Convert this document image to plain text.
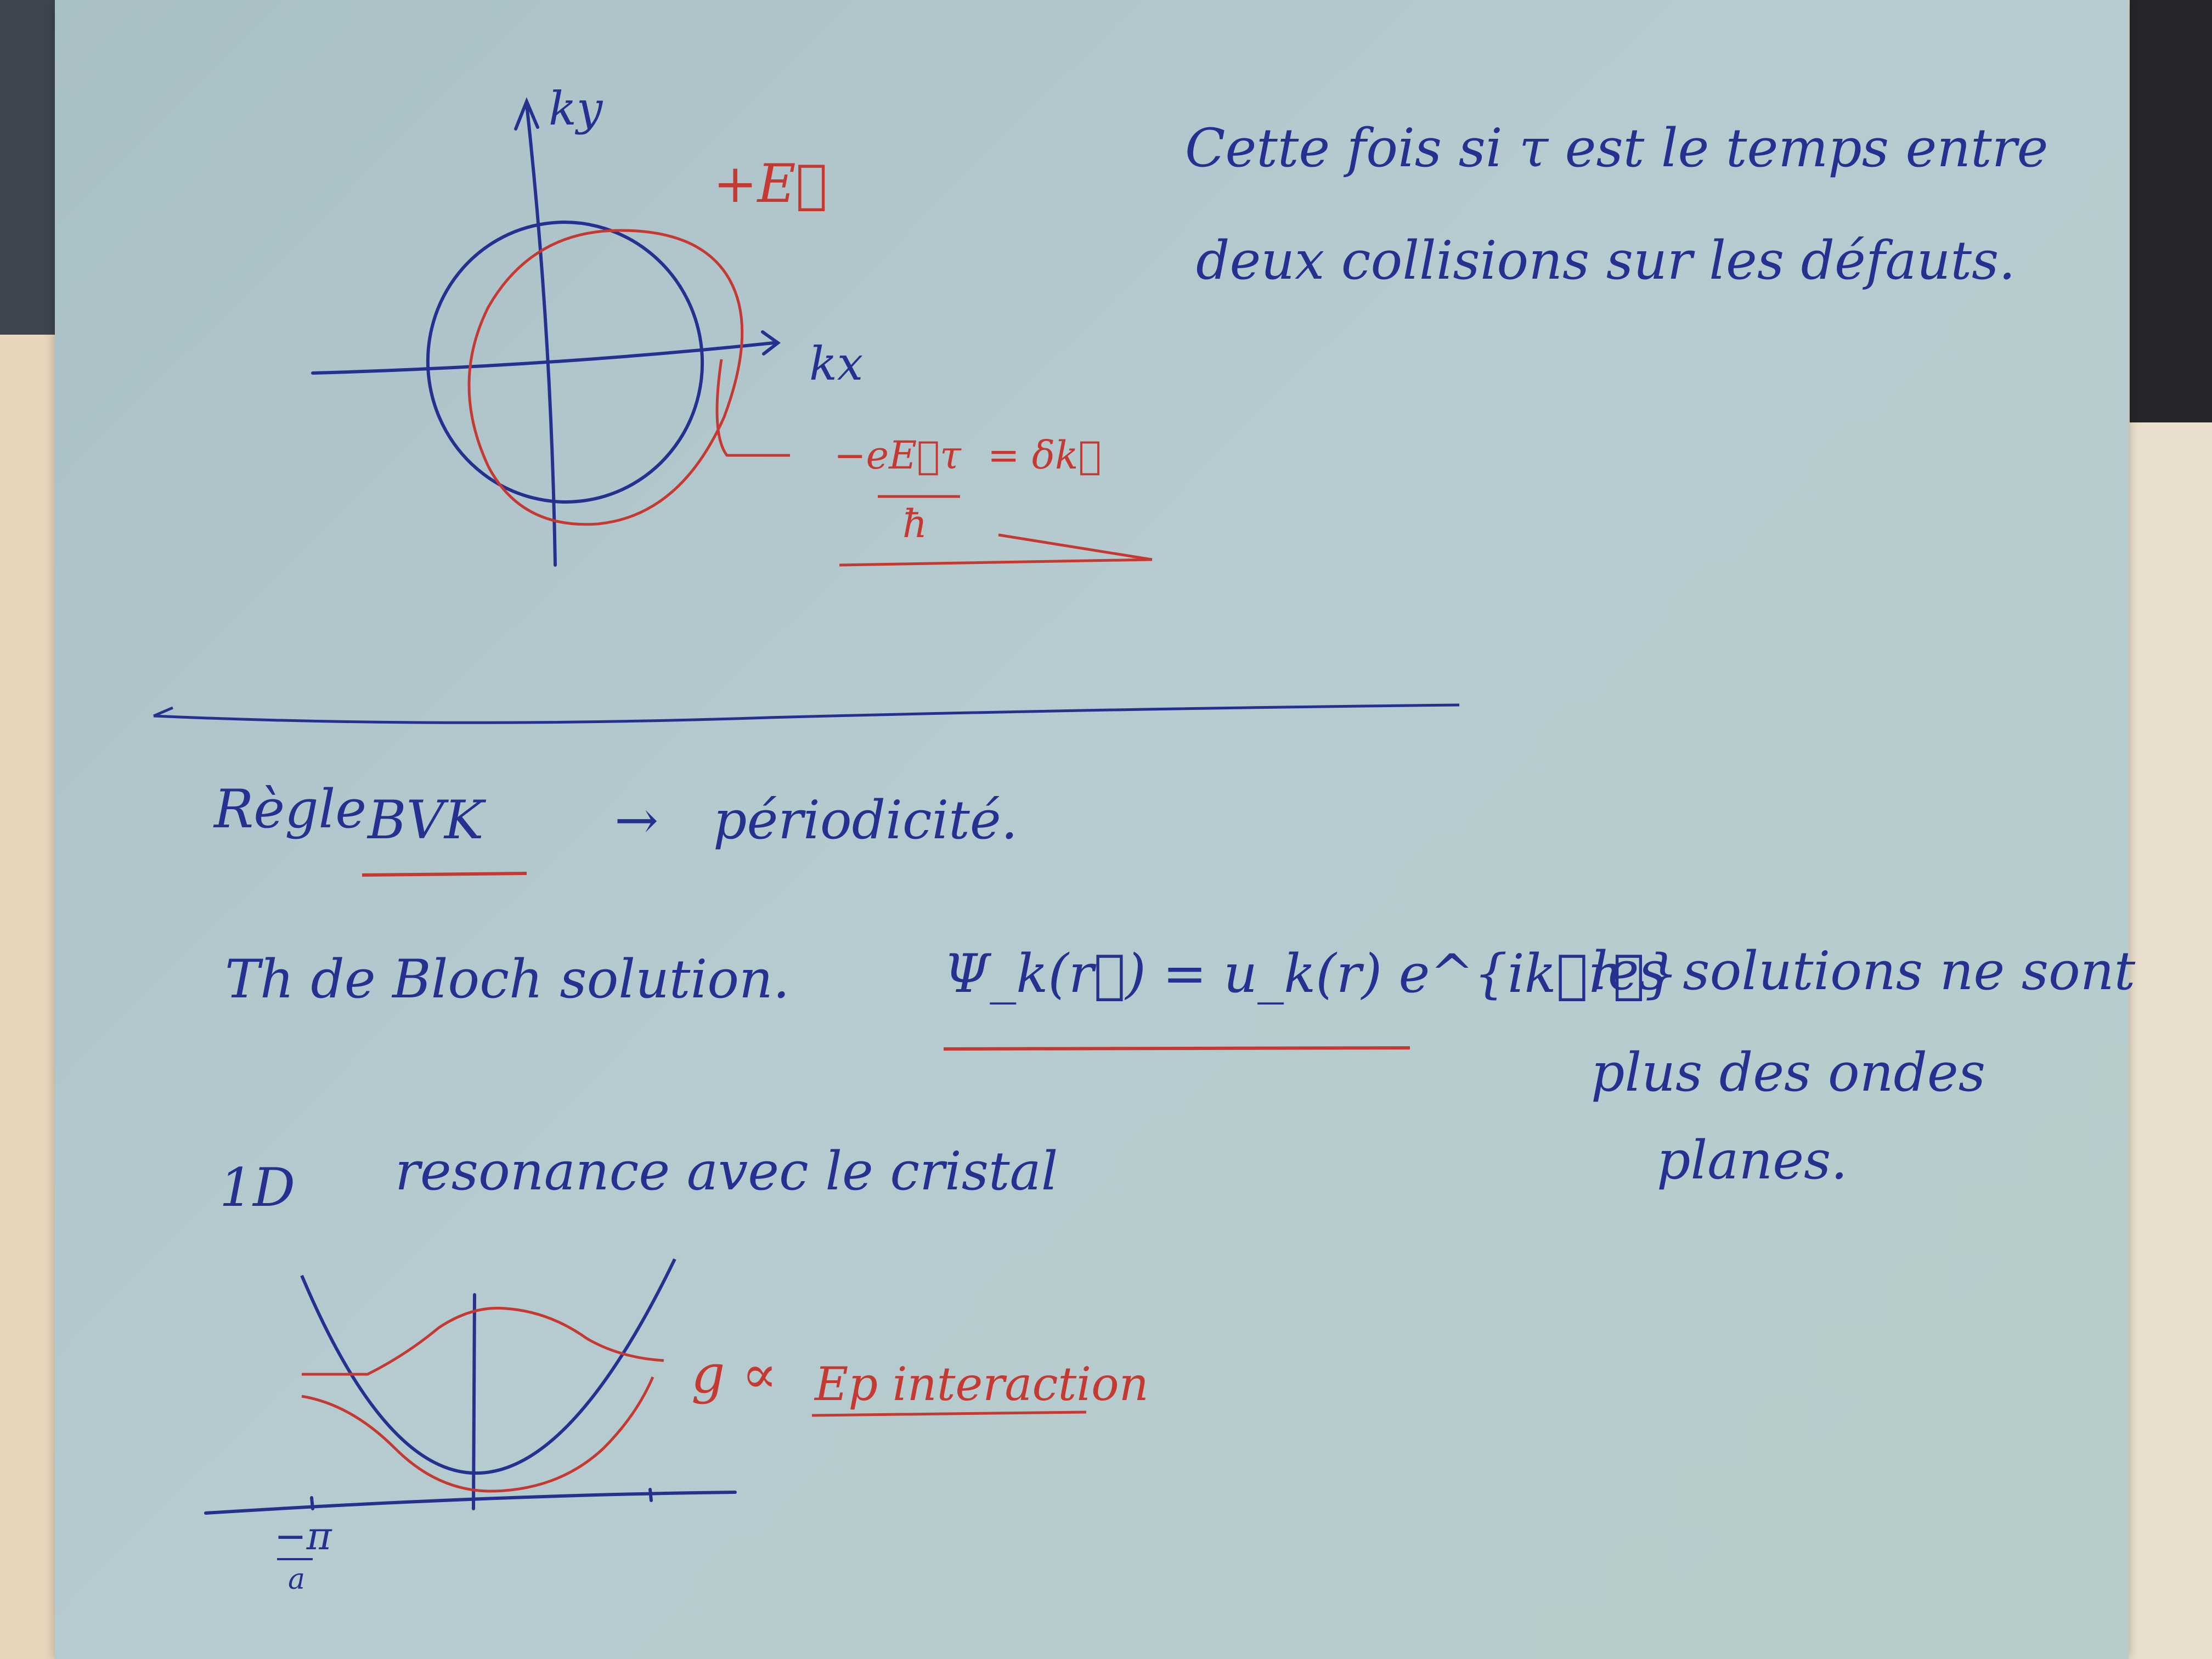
ky
kx
+E⃗
−eE⃗τ = δk⃗
ħ
Cette fois si τ est le temps entre
deux collisions sur les défauts.
Règle BVK → périodicité.
Th de Bloch solution.	Ψ_k(r⃗) = u_k(r) e^{ik⃗r⃗}
les solutions ne sont
plus des ondes
planes.
1D resonance avec le cristal
−π
a
g ∝ Ep interaction
